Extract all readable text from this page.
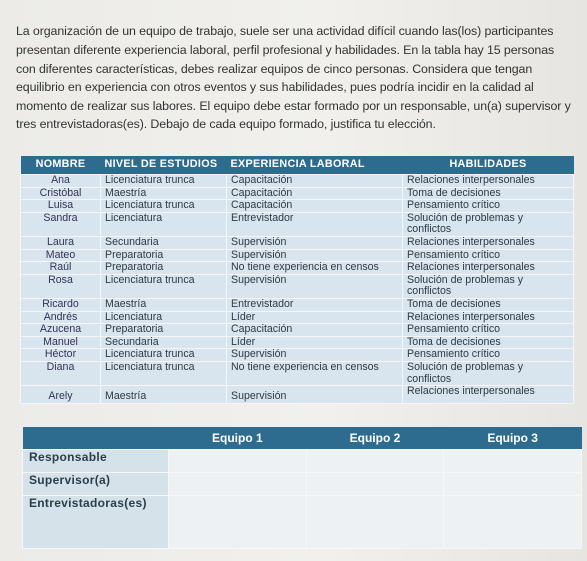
La organización de un equipo de trabajo, suele ser una actividad difícil cuando las(los) participantes presentan diferente experiencia laboral, perfil profesional y habilidades. En la tabla hay 15 personas con diferentes características, debes realizar equipos de cinco personas. Considera que tengan equilibrio en experiencia con otros eventos y sus habilidades, pues podría incidir en la calidad al momento de realizar sus labores. El equipo debe estar formado por un responsable, un(a) supervisor y tres entrevistadoras(es). Debajo de cada equipo formado, justifica tu elección.

NOMBRE	NIVEL DE ESTUDIOS	EXPERIENCIA LABORAL	HABILIDADES
Ana	Licenciatura trunca	Capacitación	Relaciones interpersonales
Cristóbal	Maestría	Capacitación	Toma de decisiones
Luisa	Licenciatura trunca	Capacitación	Pensamiento crítico
Sandra	Licenciatura	Entrevistador	Solución de problemas y conflictos
Laura	Secundaria	Supervisión	Relaciones interpersonales
Mateo	Preparatoria	Supervisión	Pensamiento crítico
Raúl	Preparatoria	No tiene experiencia en censos	Relaciones interpersonales
Rosa	Licenciatura trunca	Supervisión	Solución de problemas y conflictos
Ricardo	Maestría	Entrevistador	Toma de decisiones
Andrés	Licenciatura	Líder	Relaciones interpersonales
Azucena	Preparatoria	Capacitación	Pensamiento crítico
Manuel	Secundaria	Líder	Toma de decisiones
Héctor	Licenciatura trunca	Supervisión	Pensamiento crítico
Diana	Licenciatura trunca	No tiene experiencia en censos	Solución de problemas y conflictos
Arely	Maestría	Supervisión	Relaciones interpersonales
	Equipo 1	Equipo 2	Equipo 3
Responsable			
Supervisor(a)			
Entrevistadoras(es)			
